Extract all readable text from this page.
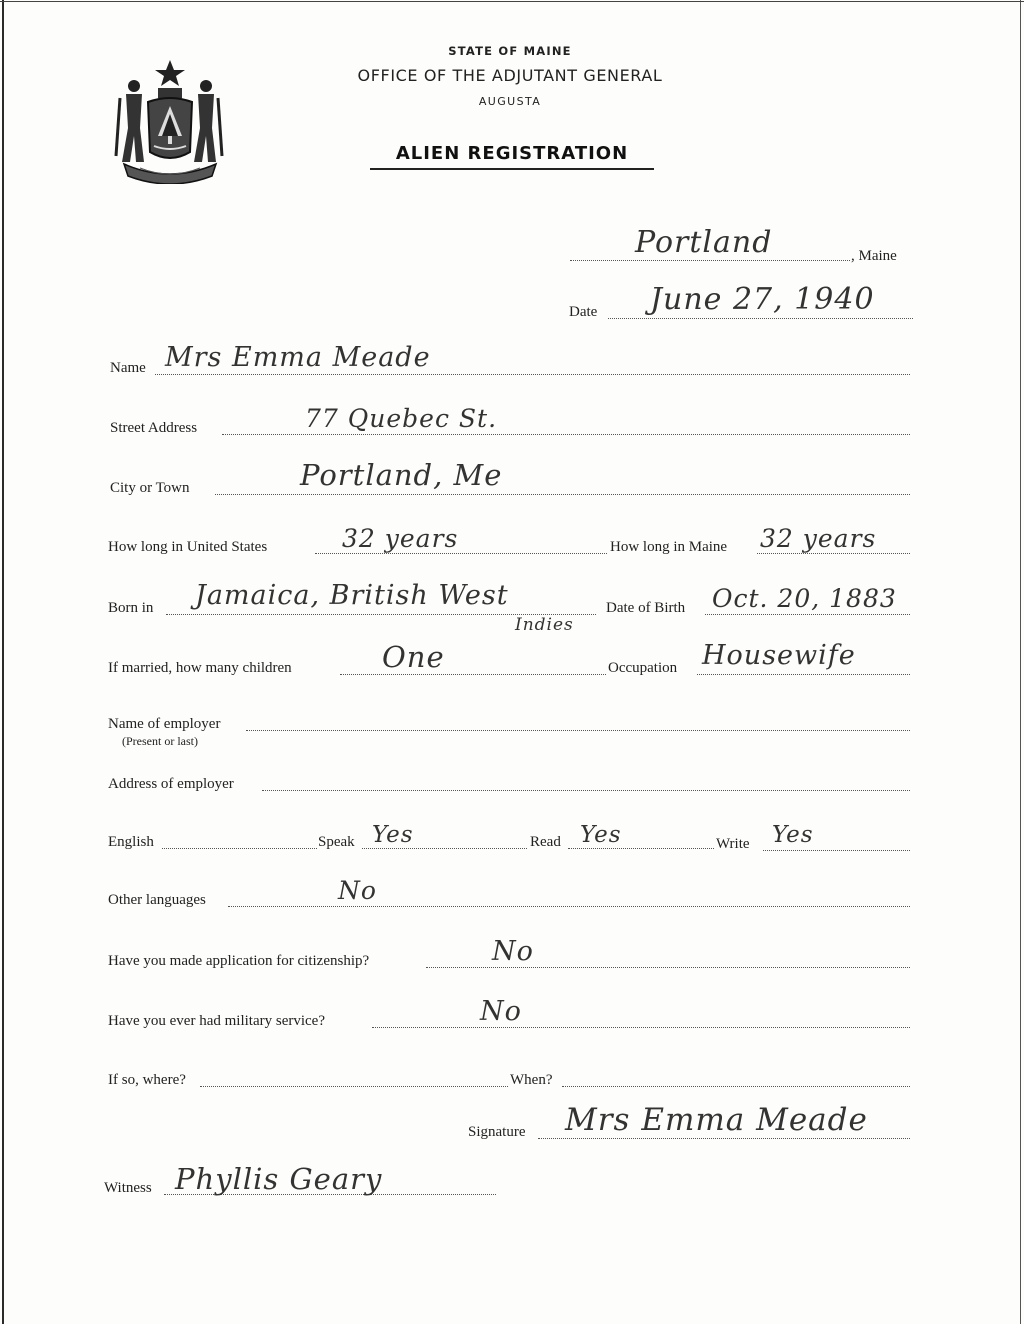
STATE OF MAINE
OFFICE OF THE ADJUTANT GENERAL
AUGUSTA
ALIEN REGISTRATION
Portland	, Maine
Date June 27, 1940
Name Mrs Emma Meade
Street Address	77 Quebec St.
City or Town	Portland, Me
How long in United States	32 years	How long in Maine 32 years
Born in Jamaica, British West
Indies
Date of Birth Oct. 20, 1883
If married, how many children	One	Occupation Housewife
Name of employer
(Present or last)
Address of employer
English	Speak Yes	Read Yes	Write Yes
Other languages	No
Have you made application for citizenship?	No
Have you ever had military service?	No
If so, where?	When?
Signature Mrs Emma Meade
Witness Phyllis Geary
